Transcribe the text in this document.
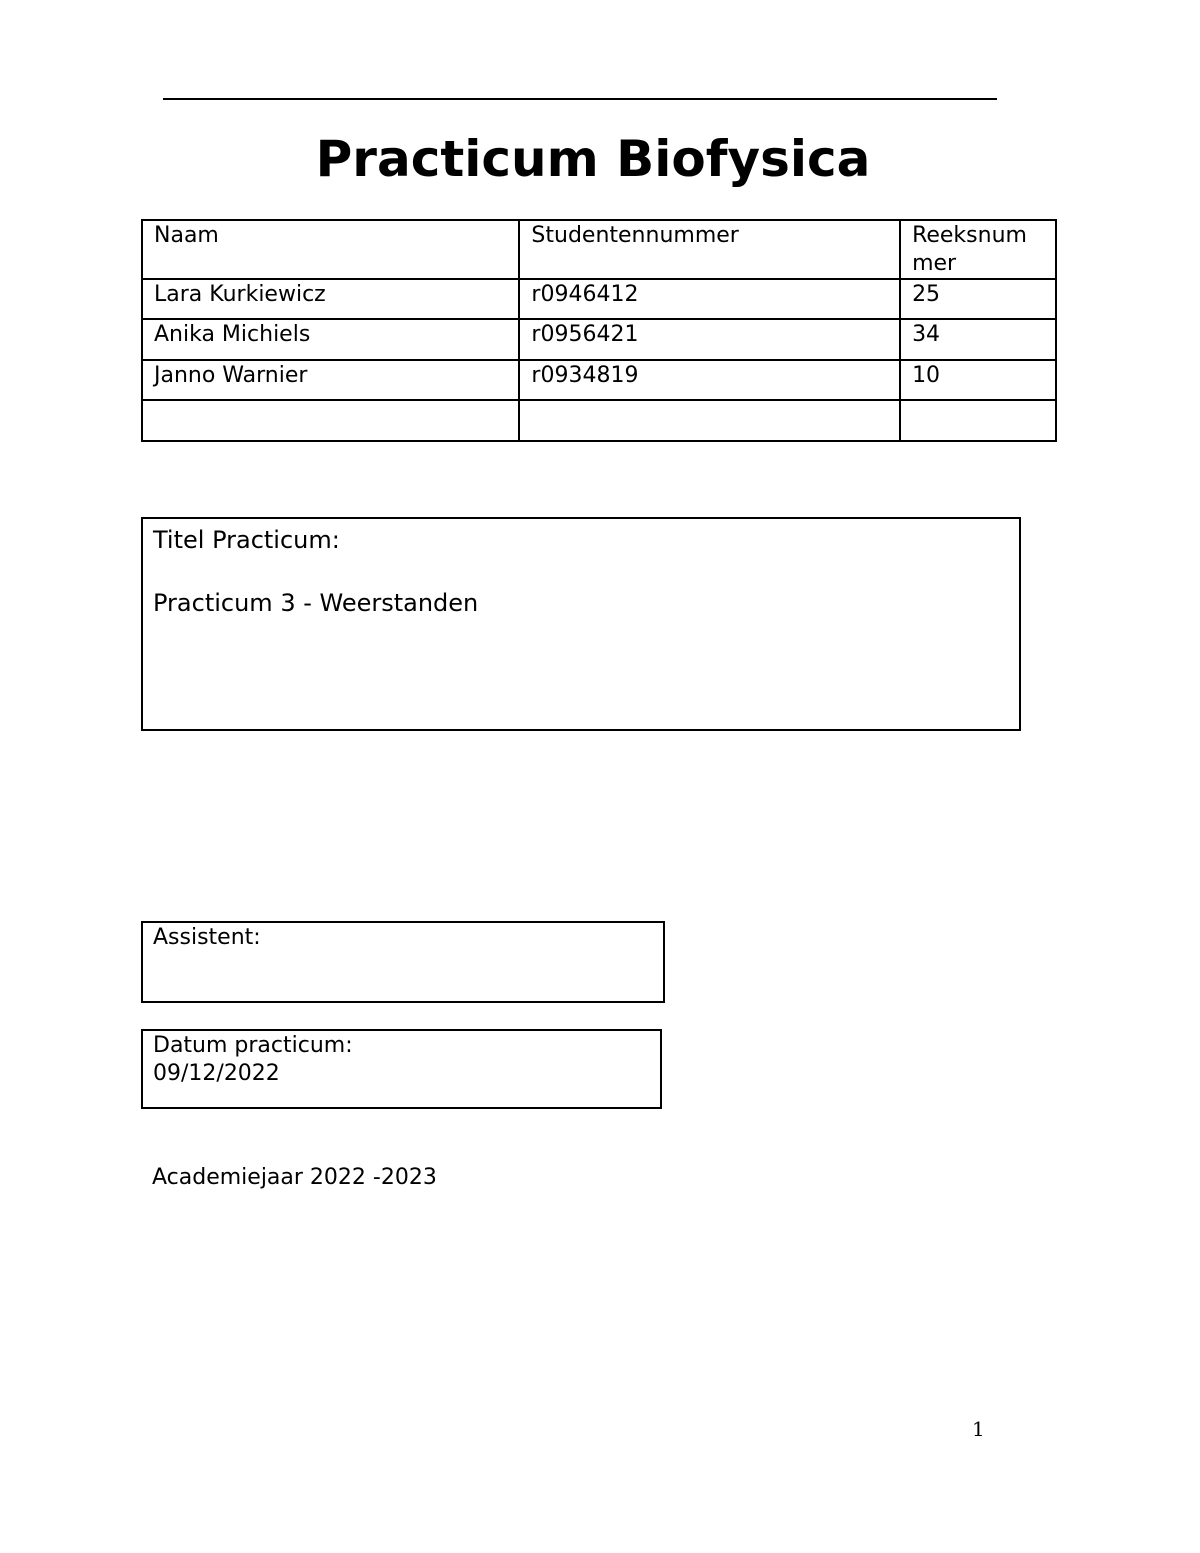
Practicum Biofysica
Naam	Studentennummer	Reeksnum
mer
Lara Kurkiewicz	r0946412	25
Anika Michiels	r0956421	34
Janno Warnier	r0934819	10

Titel Practicum:
Practicum 3 - Weerstanden
Assistent:
Datum practicum:
09/12/2022
Academiejaar 2022 -2023
1
